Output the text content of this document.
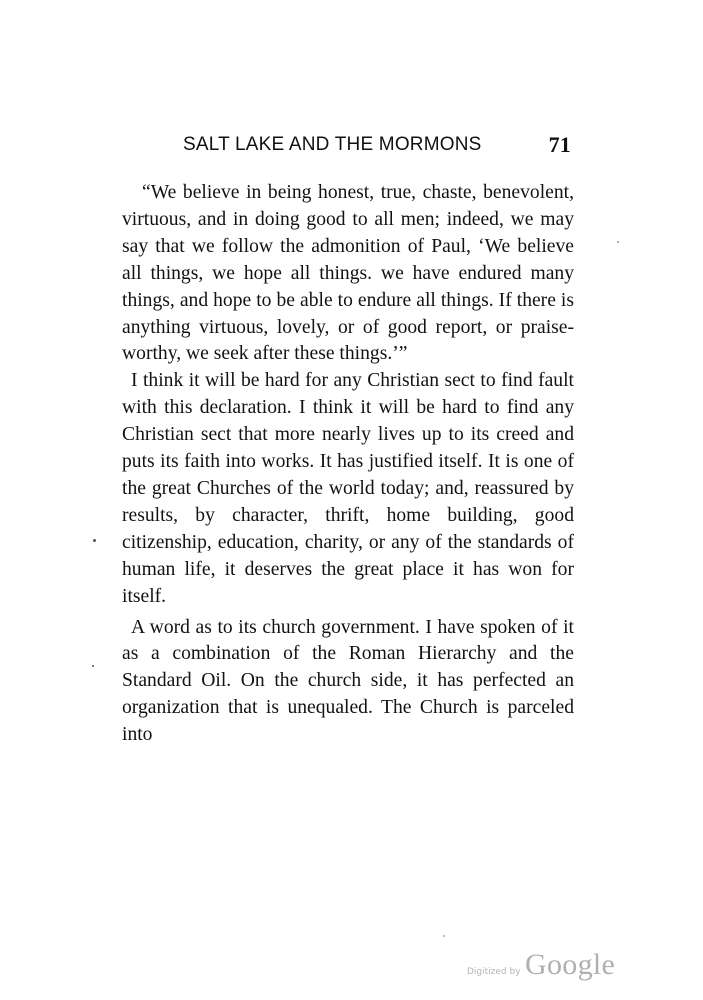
SALT LAKE AND THE MORMONS	71

“We believe in being honest, true, chaste, benevolent, virtuous, and in doing good to all men; indeed, we may say that we follow the admonition of Paul, ‘We believe all things, we hope all things. we have endured many things, and hope to be able to endure all things. If there is anything virtuous, lovely, or of good report, or praise-worthy, we seek after these things.’”

I think it will be hard for any Christian sect to find fault with this declaration. I think it will be hard to find any Christian sect that more nearly lives up to its creed and puts its faith into works. It has justified itself. It is one of the great Churches of the world today; and, reassured by results, by character, thrift, home building, good citizenship, education, charity, or any of the standards of human life, it deserves the great place it has won for itself.

A word as to its church government. I have spoken of it as a combination of the Roman Hierarchy and the Standard Oil. On the church side, it has perfected an organization that is unequaled. The Church is parceled into

Digitized by Google
